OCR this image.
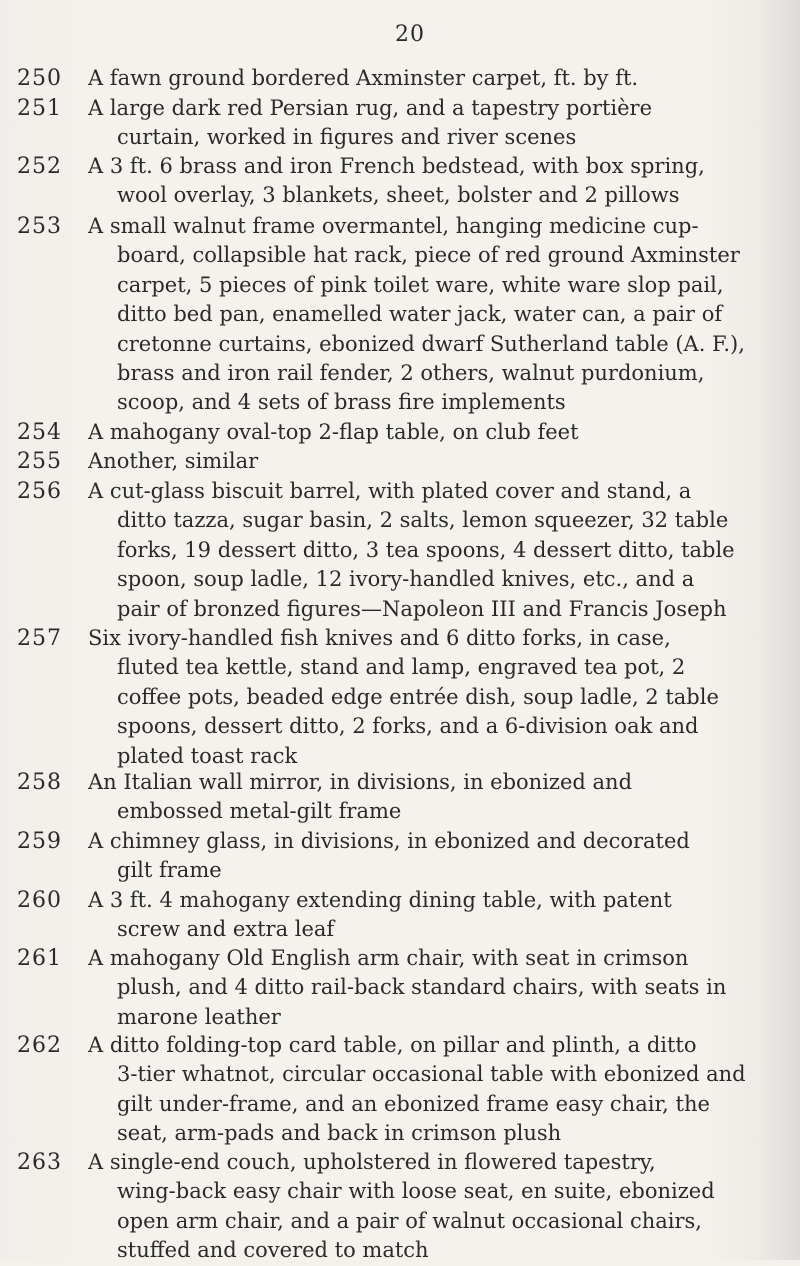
20
250	A fawn ground bordered Axminster carpet, ft. by ft.
251	A large dark red Persian rug, and a tapestry portière
curtain, worked in figures and river scenes
252	A 3 ft. 6 brass and iron French bedstead, with box spring,
wool overlay, 3 blankets, sheet, bolster and 2 pillows
253	A small walnut frame overmantel, hanging medicine cup-
board, collapsible hat rack, piece of red ground Axminster
carpet, 5 pieces of pink toilet ware, white ware slop pail,
ditto bed pan, enamelled water jack, water can, a pair of
cretonne curtains, ebonized dwarf Sutherland table (A. F.),
brass and iron rail fender, 2 others, walnut purdonium,
scoop, and 4 sets of brass fire implements
254	A mahogany oval-top 2-flap table, on club feet
255	Another, similar
256	A cut-glass biscuit barrel, with plated cover and stand, a
ditto tazza, sugar basin, 2 salts, lemon squeezer, 32 table
forks, 19 dessert ditto, 3 tea spoons, 4 dessert ditto, table
spoon, soup ladle, 12 ivory-handled knives, etc., and a
pair of bronzed figures—Napoleon III and Francis Joseph
257	Six ivory-handled fish knives and 6 ditto forks, in case,
fluted tea kettle, stand and lamp, engraved tea pot, 2
coffee pots, beaded edge entrée dish, soup ladle, 2 table
spoons, dessert ditto, 2 forks, and a 6-division oak and
plated toast rack
258	An Italian wall mirror, in divisions, in ebonized and
embossed metal-gilt frame
259	A chimney glass, in divisions, in ebonized and decorated
gilt frame
260	A 3 ft. 4 mahogany extending dining table, with patent
screw and extra leaf
261	A mahogany Old English arm chair, with seat in crimson
plush, and 4 ditto rail-back standard chairs, with seats in
marone leather
262	A ditto folding-top card table, on pillar and plinth, a ditto
3-tier whatnot, circular occasional table with ebonized and
gilt under-frame, and an ebonized frame easy chair, the
seat, arm-pads and back in crimson plush
263	A single-end couch, upholstered in flowered tapestry,
wing-back easy chair with loose seat, en suite, ebonized
open arm chair, and a pair of walnut occasional chairs,
stuffed and covered to match
